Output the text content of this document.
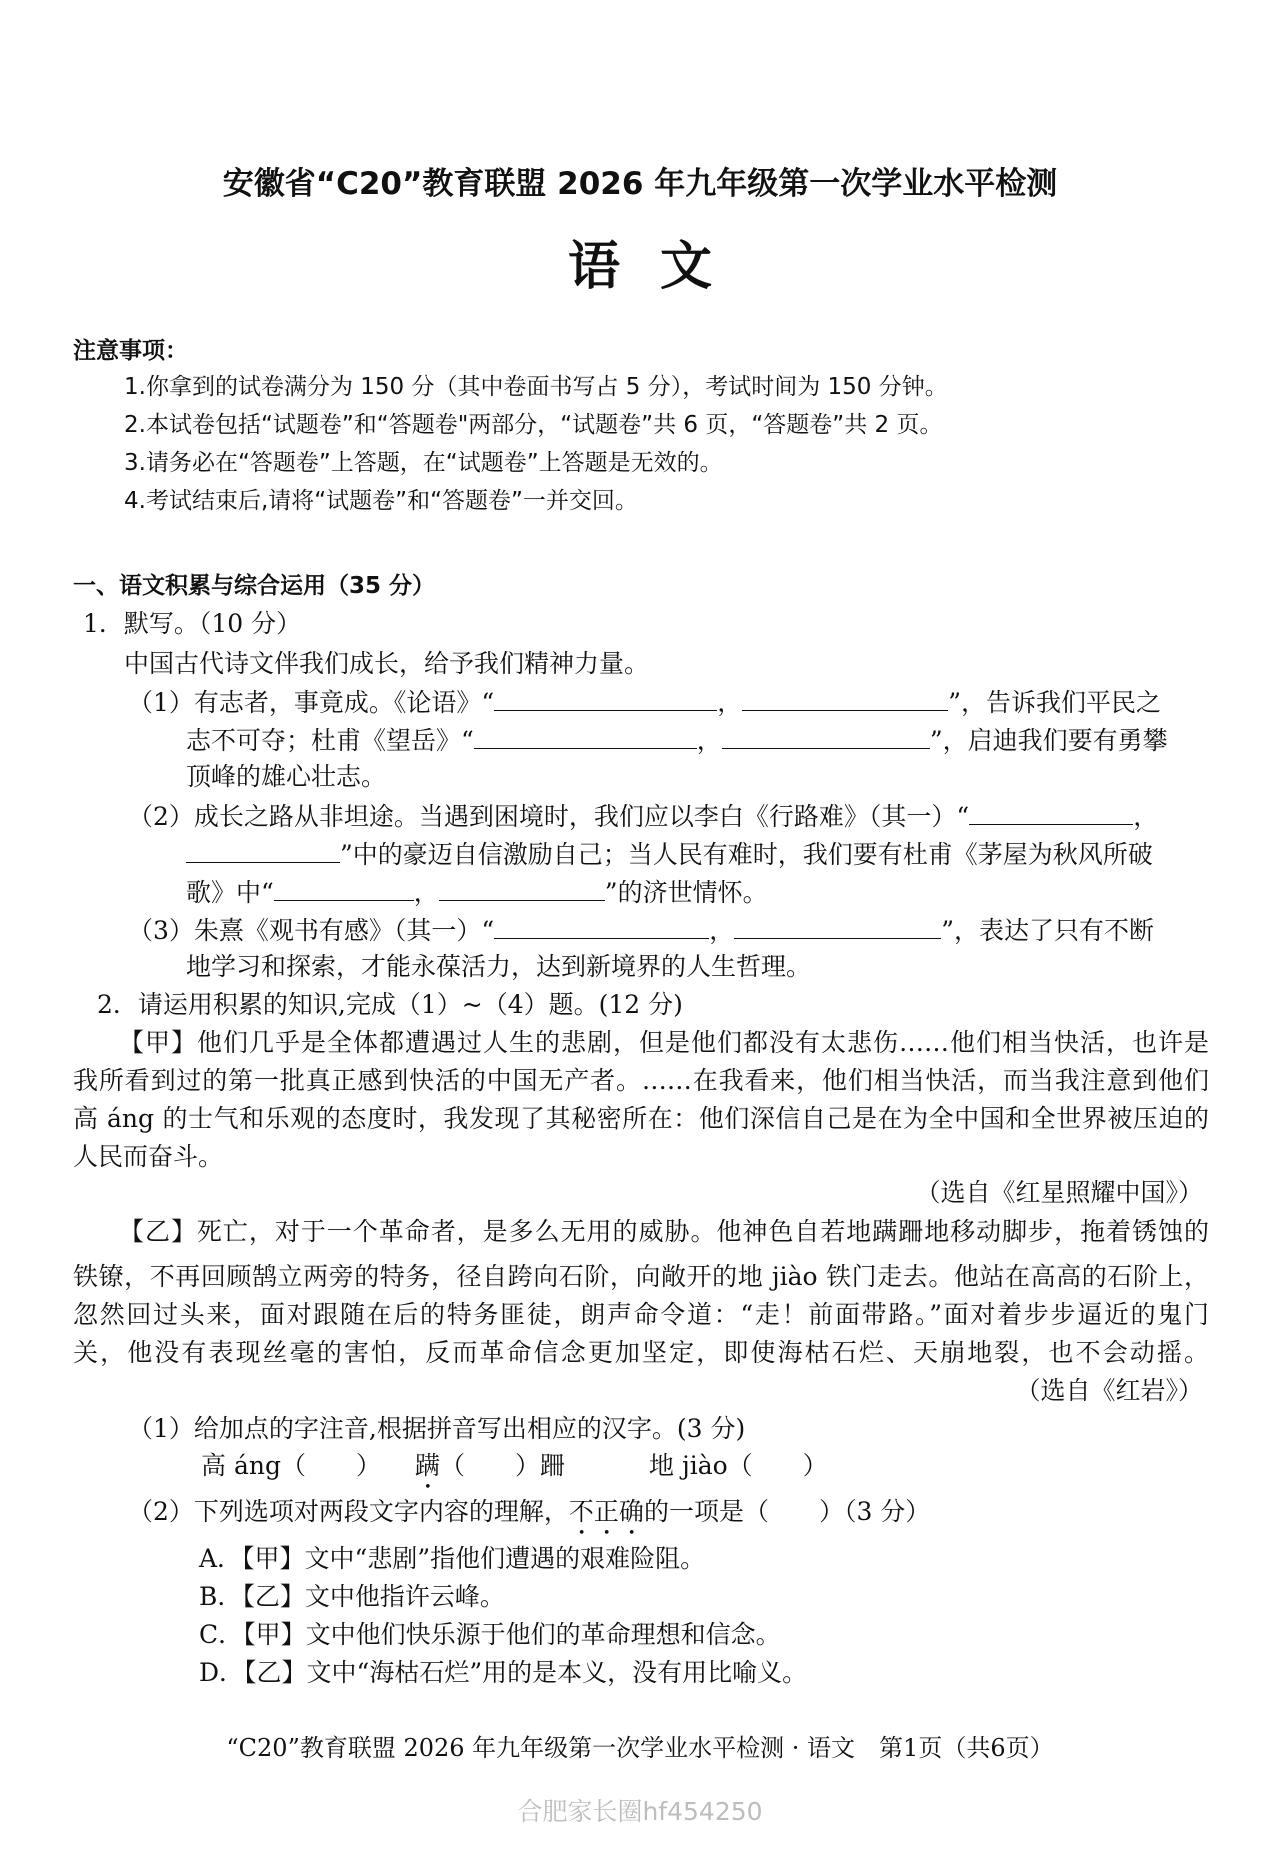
安徽省“C20”教育联盟 2026 年九年级第一次学业水平检测
语文
注意事项：
1.你拿到的试卷满分为 150 分（其中卷面书写占 5 分），考试时间为 150 分钟。
2.本试卷包括“试题卷”和“答题卷"两部分，“试题卷”共 6 页，“答题卷”共 2 页。
3.请务必在“答题卷”上答题，在“试题卷”上答题是无效的。
4.考试结束后,请将“试题卷”和“答题卷”一并交回。
一、语文积累与综合运用（35 分）
1．默写。（10 分）
中国古代诗文伴我们成长，给予我们精神力量。
（1）有志者，事竟成。《论语》“	，	”，告诉我们平民之
志不可夺；杜甫《望岳》“	，	”，启迪我们要有勇攀
顶峰的雄心壮志。
（2）成长之路从非坦途。当遇到困境时，我们应以李白《行路难》（其一）“	，
”中的豪迈自信激励自己；当人民有难时，我们要有杜甫《茅屋为秋风所破
歌》中“	，	”的济世情怀。
（3）朱熹《观书有感》（其一）“	，	”，表达了只有不断
地学习和探索，才能永葆活力，达到新境界的人生哲理。
2．请运用积累的知识,完成（1）~（4）题。(12 分)
【甲】他们几乎是全体都遭遇过人生的悲剧，但是他们都没有太悲伤……他们相当快活，也许是
我所看到过的第一批真正感到快活的中国无产者。……在我看来，他们相当快活，而当我注意到他们
高 áng 的士气和乐观的态度时，我发现了其秘密所在：他们深信自己是在为全中国和全世界被压迫的
人民而奋斗。
（选自《红星照耀中国》）
【乙】死亡，对于一个革命者，是多么无用的威胁。他神色自若地蹒跚地移动脚步，拖着锈蚀的
铁镣，不再回顾鹄立两旁的特务，径自跨向石阶，向敞开的地 jiào 铁门走去。他站在高高的石阶上，
忽然回过头来，面对跟随在后的特务匪徒，朗声命令道：“走！前面带路。”面对着步步逼近的鬼门
关，他没有表现丝毫的害怕，反而革命信念更加坚定，即使海枯石烂、天崩地裂，也不会动摇。
（选自《红岩》）
（1）给加点的字注音,根据拼音写出相应的汉字。(3 分)
高 áng（　　） 蹒（　　）跚	地 jiào（　　）
（2）下列选项对两段文字内容的理解，不正确的一项是（　　）（3 分）
A．【甲】文中“悲剧”指他们遭遇的艰难险阻。
B．【乙】文中他指许云峰。
C．【甲】文中他们快乐源于他们的革命理想和信念。
D．【乙】文中“海枯石烂”用的是本义，没有用比喻义。
“C20”教育联盟 2026 年九年级第一次学业水平检测 · 语文　第1页（共6页）
合肥家长圈hf454250
